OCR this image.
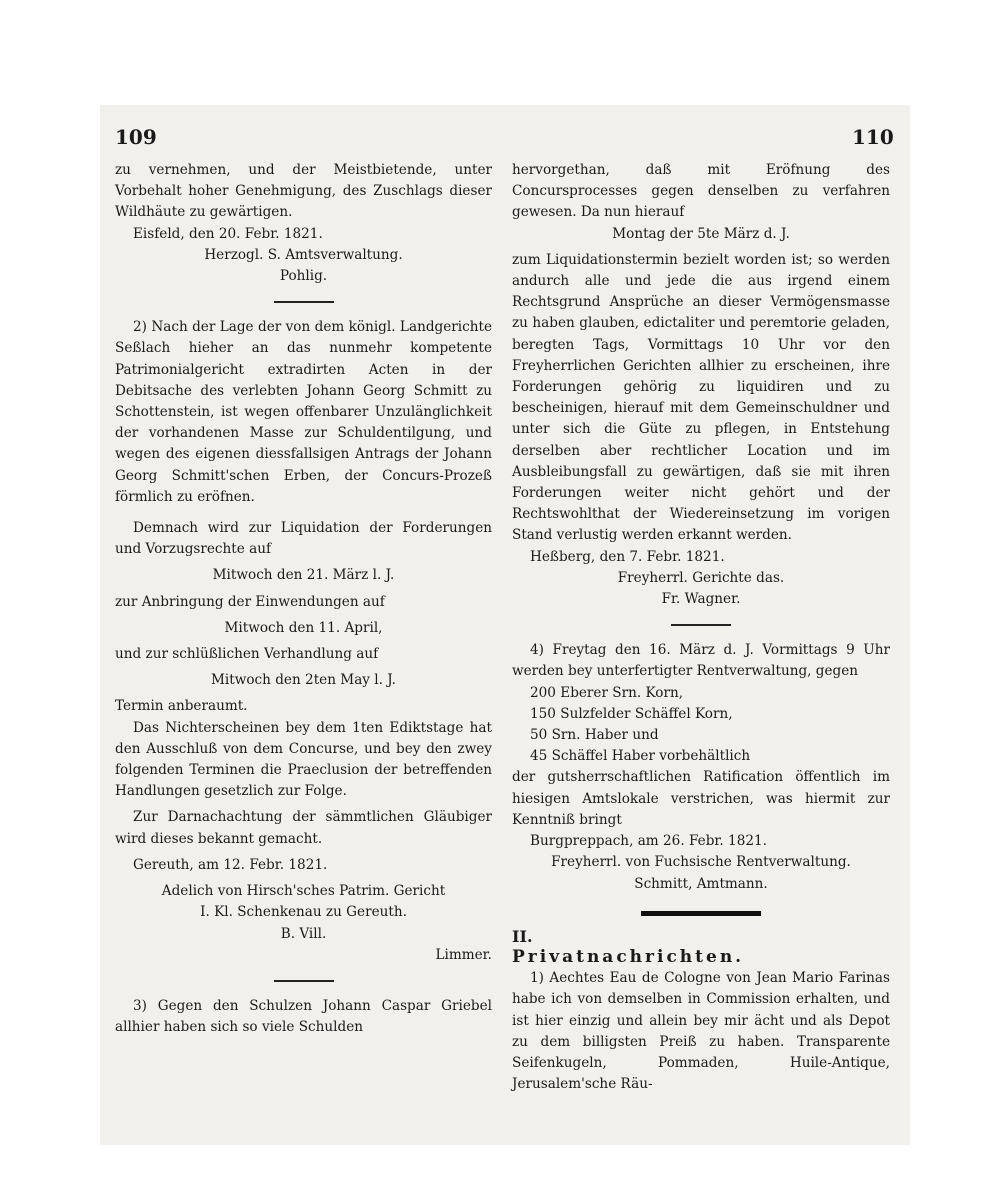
109	110

zu vernehmen, und der Meistbietende, unter Vorbehalt hoher Genehmigung, des Zuschlags dieser Wildhäute zu gewärtigen.

Eisfeld, den 20. Febr. 1821.

Herzogl. S. Amtsverwaltung.

Pohlig.

2) Nach der Lage der von dem königl. Landgerichte Seßlach hieher an das nunmehr kompetente Patrimonialgericht extradirten Acten in der Debitsache des verlebten Johann Georg Schmitt zu Schottenstein, ist wegen offenbarer Unzulänglichkeit der vorhandenen Masse zur Schuldentilgung, und wegen des eigenen diessfallsigen Antrags der Johann Georg Schmitt'schen Erben, der Concurs-Prozeß förmlich zu eröfnen.

Demnach wird zur Liquidation der Forderungen und Vorzugsrechte auf

Mitwoch den 21. März l. J.

zur Anbringung der Einwendungen auf

Mitwoch den 11. April,

und zur schlüßlichen Verhandlung auf

Mitwoch den 2ten May l. J.

Termin anberaumt.

Das Nichterscheinen bey dem 1ten Ediktstage hat den Ausschluß von dem Concurse, und bey den zwey folgenden Terminen die Praeclusion der betreffenden Handlungen gesetzlich zur Folge.

Zur Darnachachtung der sämmtlichen Gläubiger wird dieses bekannt gemacht.

Gereuth, am 12. Febr. 1821.

Adelich von Hirsch'sches Patrim. Gericht

I. Kl. Schenkenau zu Gereuth.

B. Vill.

Limmer.

3) Gegen den Schulzen Johann Caspar Griebel allhier haben sich so viele Schulden

hervorgethan, daß mit Eröfnung des Concursprocesses gegen denselben zu verfahren gewesen. Da nun hierauf

Montag der 5te März d. J.

zum Liquidationstermin bezielt worden ist; so werden andurch alle und jede die aus irgend einem Rechtsgrund Ansprüche an dieser Vermögensmasse zu haben glauben, edictaliter und peremtorie geladen, beregten Tags, Vormittags 10 Uhr vor den Freyherrlichen Gerichten allhier zu erscheinen, ihre Forderungen gehörig zu liquidiren und zu bescheinigen, hierauf mit dem Gemeinschuldner und unter sich die Güte zu pflegen, in Entstehung derselben aber rechtlicher Location und im Ausbleibungsfall zu gewärtigen, daß sie mit ihren Forderungen weiter nicht gehört und der Rechtswohlthat der Wiedereinsetzung im vorigen Stand verlustig werden erkannt werden.

Heßberg, den 7. Febr. 1821.

Freyherrl. Gerichte das.

Fr. Wagner.

4) Freytag den 16. März d. J. Vormittags 9 Uhr werden bey unterfertigter Rentverwaltung, gegen

200 Eberer Srn. Korn,

150 Sulzfelder Schäffel Korn,

50 Srn. Haber und

45 Schäffel Haber vorbehältlich

der gutsherrschaftlichen Ratification öffentlich im hiesigen Amtslokale verstrichen, was hiermit zur Kenntniß bringt

Burgpreppach, am 26. Febr. 1821.

Freyherrl. von Fuchsische Rentverwaltung.

Schmitt, Amtmann.

II.

Privatnachrichten.

1) Aechtes Eau de Cologne von Jean Mario Farinas habe ich von demselben in Commission erhalten, und ist hier einzig und allein bey mir ächt und als Depot zu dem billigsten Preiß zu haben. Transparente Seifenkugeln, Pommaden, Huile-Antique, Jerusalem'sche Räu-
